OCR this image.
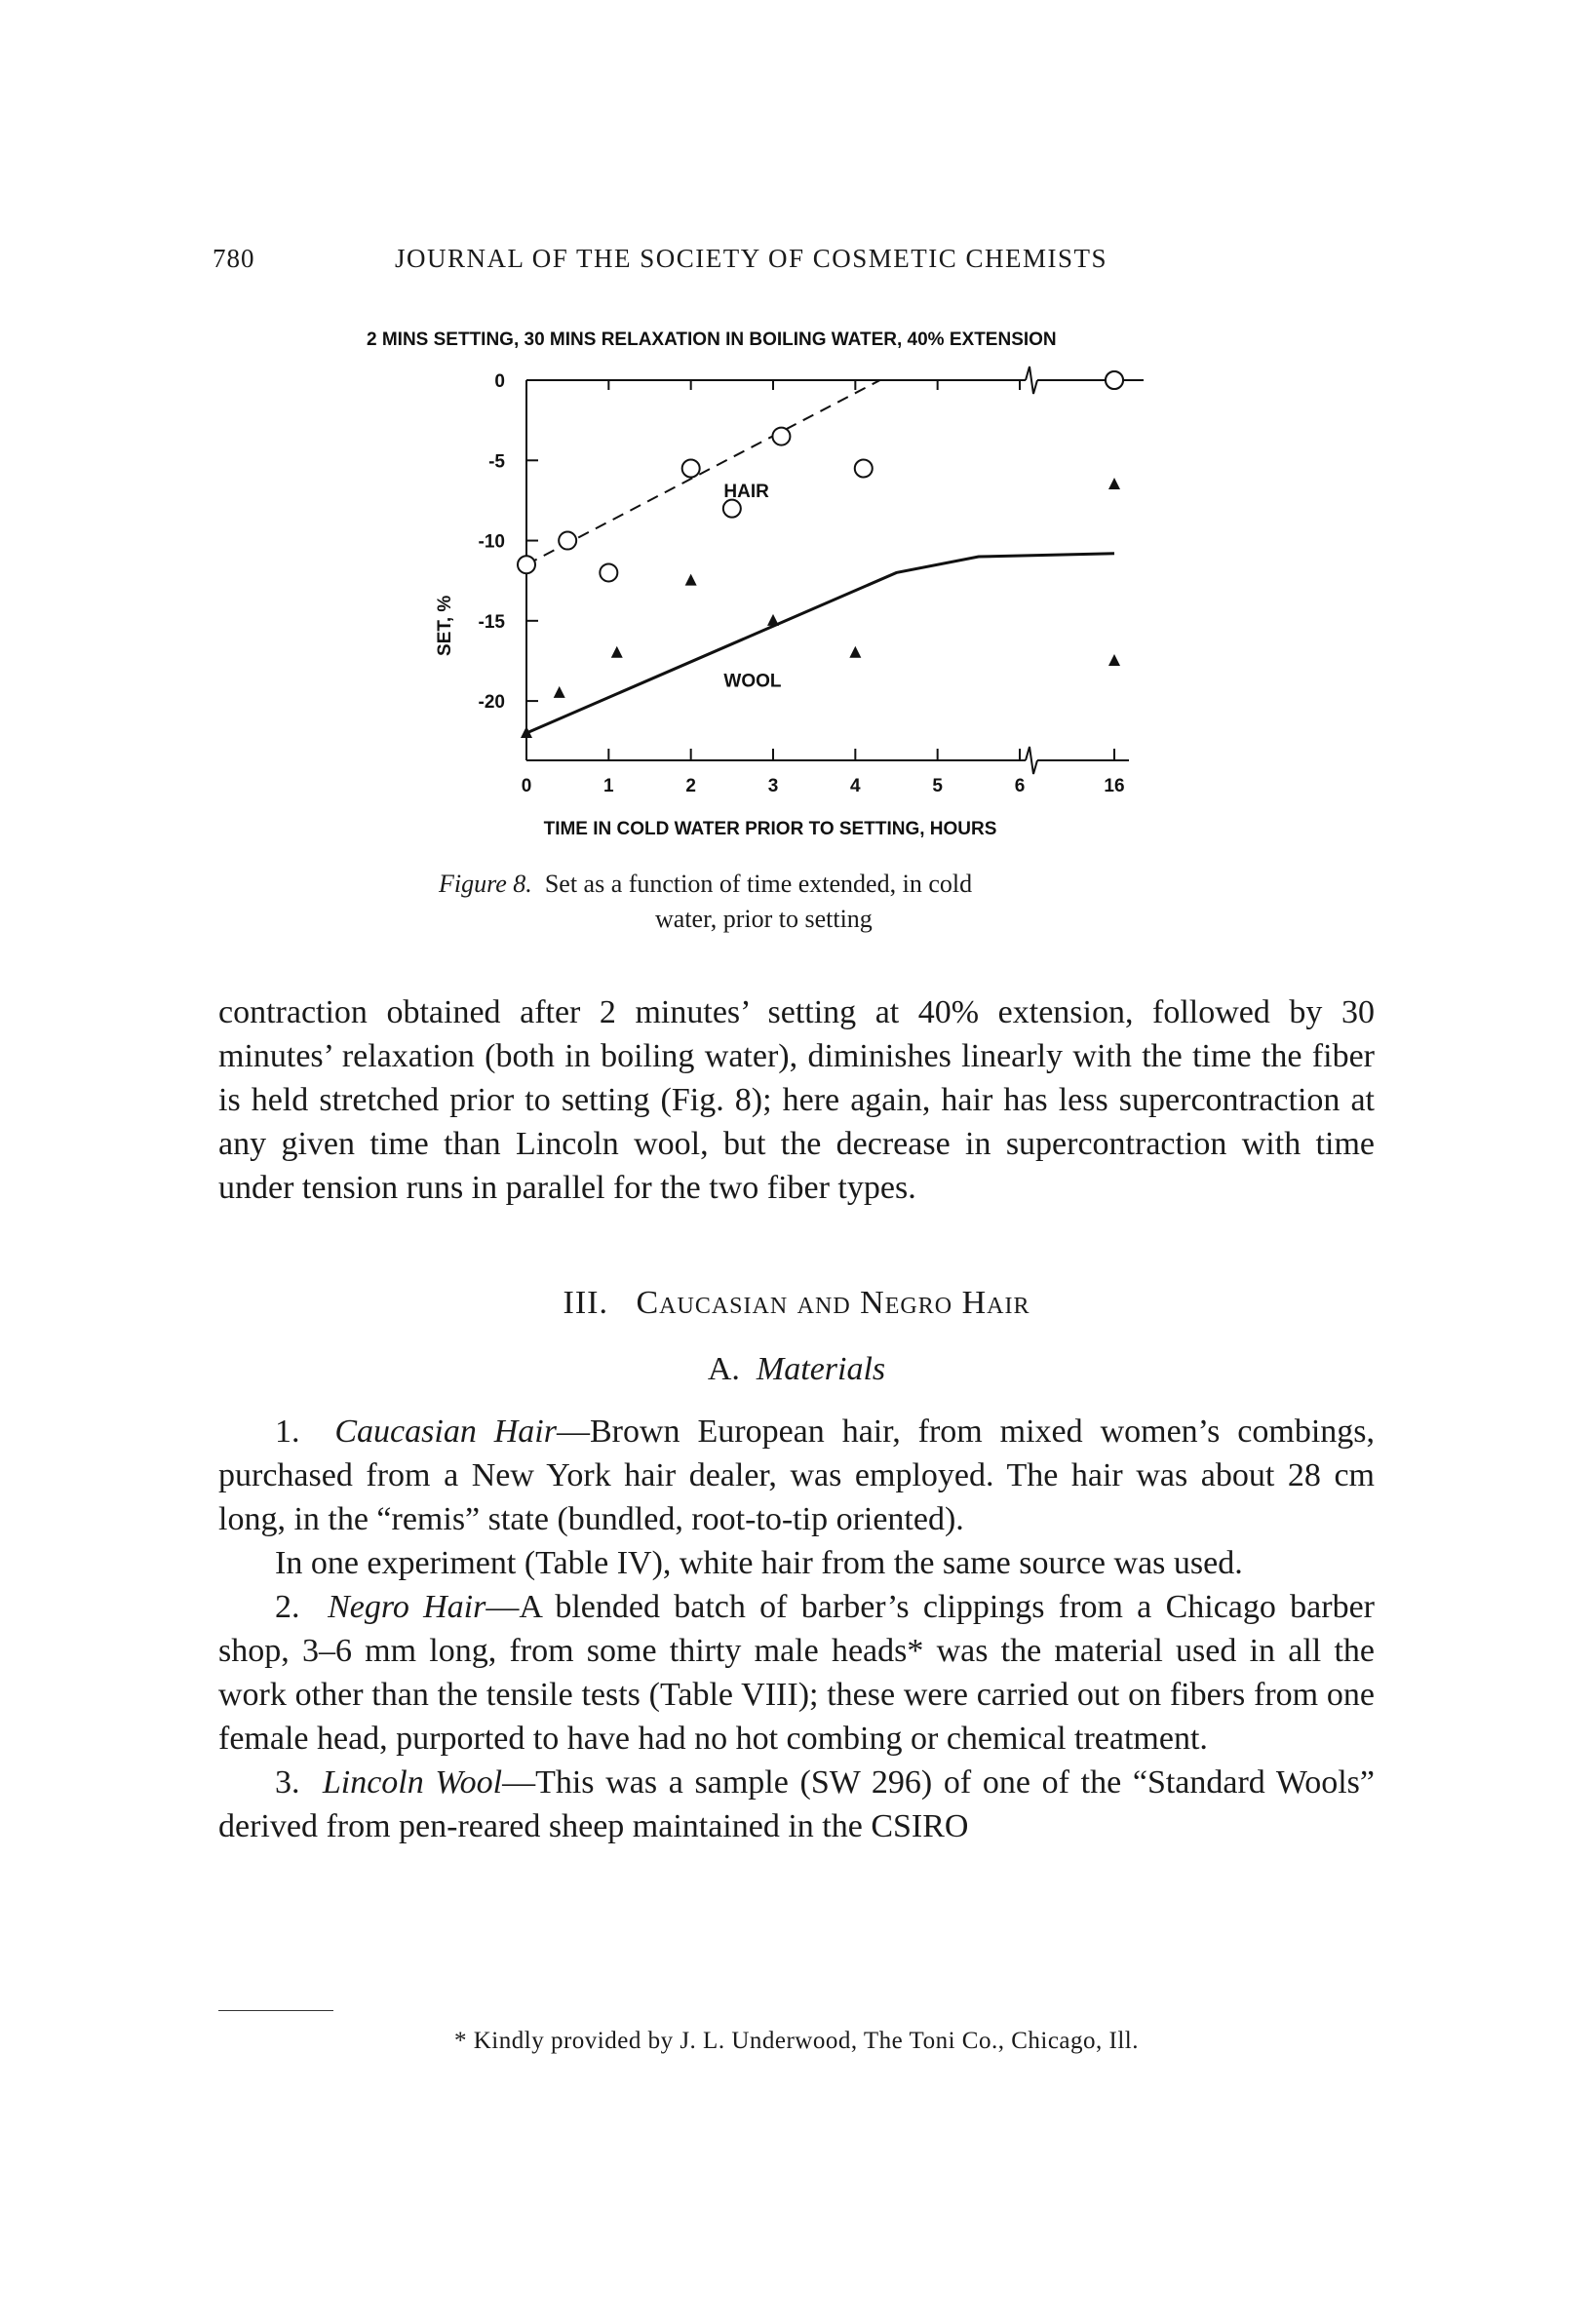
780	JOURNAL OF THE SOCIETY OF COSMETIC CHEMISTS
2 MINS SETTING, 30 MINS RELAXATION IN BOILING WATER, 40% EXTENSION
0
-5
-10
-15
-20
0	1	2	3	4	5	6	16
TIME IN COLD WATER PRIOR TO SETTING, HOURS
SET, %
HAIR
WOOL
Figure 8. Set as a function of time extended, in cold
water, prior to setting

contraction obtained after 2 minutes’ setting at 40% extension, followed by 30 minutes’ relaxation (both in boiling water), diminishes linearly with the time the fiber is held stretched prior to setting (Fig. 8); here again, hair has less supercontraction at any given time than Lincoln wool, but the decrease in supercontraction with time under tension runs in parallel for the two fiber types.

III. Caucasian and Negro Hair
A. Materials

1. Caucasian Hair—Brown European hair, from mixed women’s combings, purchased from a New York hair dealer, was employed. The hair was about 28 cm long, in the “remis” state (bundled, root-to-tip oriented).

In one experiment (Table IV), white hair from the same source was used.

2. Negro Hair—A blended batch of barber’s clippings from a Chicago barber shop, 3–6 mm long, from some thirty male heads* was the material used in all the work other than the tensile tests (Table VIII); these were carried out on fibers from one female head, purported to have had no hot combing or chemical treatment.

3. Lincoln Wool—This was a sample (SW 296) of one of the “Standard Wools” derived from pen-reared sheep maintained in the CSIRO

* Kindly provided by J. L. Underwood, The Toni Co., Chicago, Ill.
